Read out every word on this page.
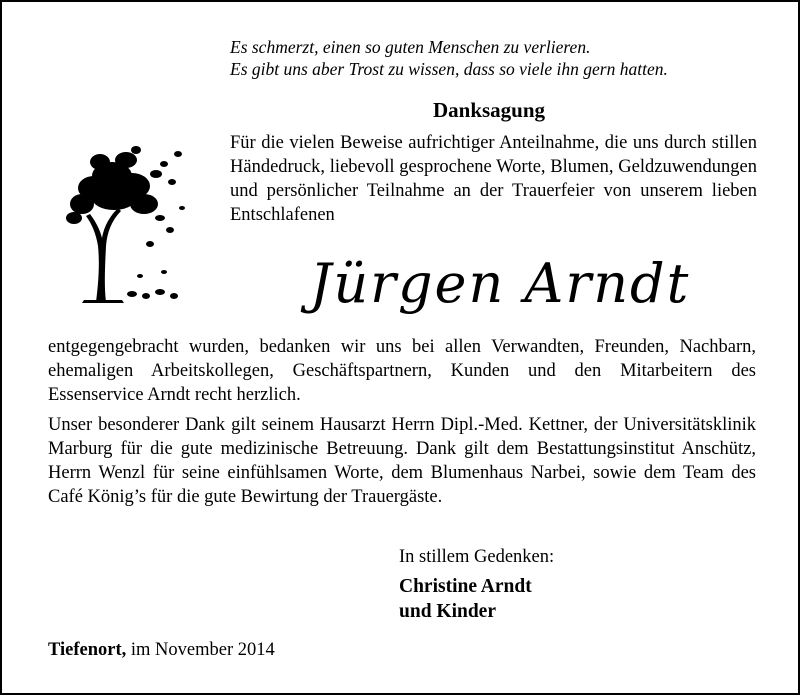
Es schmerzt, einen so guten Menschen zu verlieren.
Es gibt uns aber Trost zu wissen, dass so viele ihn gern hatten.
Danksagung
Für die vielen Beweise aufrichtiger Anteilnahme, die uns durch stillen Händedruck, liebevoll gesprochene Worte, Blumen, Geldzuwendungen und persönlicher Teilnahme an der Trauerfeier von unserem lieben Entschlafenen
Jürgen Arndt
entgegengebracht wurden, bedanken wir uns bei allen Verwandten, Freunden, Nachbarn, ehemaligen Arbeitskollegen, Geschäftspartnern, Kunden und den Mitarbeitern des Essenservice Arndt recht herzlich.
Unser besonderer Dank gilt seinem Hausarzt Herrn Dipl.-Med. Kettner, der Universitätsklinik Marburg für die gute medizinische Betreuung. Dank gilt dem Bestattungsinstitut Anschütz, Herrn Wenzl für seine einfühlsamen Worte, dem Blumenhaus Narbei, sowie dem Team des Café König’s für die gute Bewirtung der Trauergäste.
In stillem Gedenken:
Christine Arndt
und Kinder
Tiefenort, im November 2014
